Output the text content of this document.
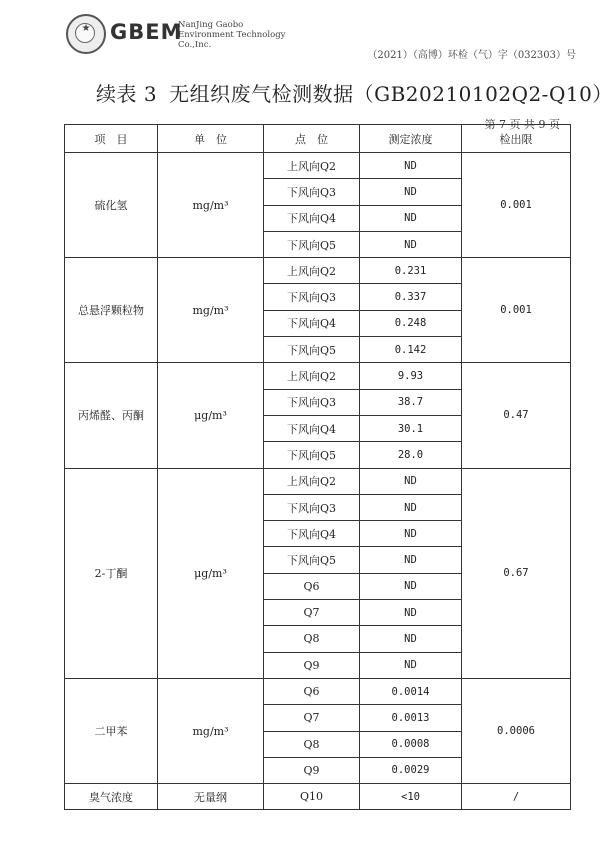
★ GBEM
NanJing Gaobo
Environment Technology
Co.,Inc.
（2021）（高博）环检（气）字（032303）号
续表 3 无组织废气检测数据（GB20210102Q2-Q10）
第 7 页 共 9 页
项　目	单　位	点　位	测定浓度	检出限
硫化氢	mg/m³	上风向Q2	ND	0.001
		下风向Q3	ND	
		下风向Q4	ND	
		下风向Q5	ND	
总悬浮颗粒物	mg/m³	上风向Q2	0.231	0.001
		下风向Q3	0.337	
		下风向Q4	0.248	
		下风向Q5	0.142	
丙烯醛、丙酮	μg/m³	上风向Q2	9.93	0.47
		下风向Q3	38.7	
		下风向Q4	30.1	
		下风向Q5	28.0	
2-丁酮	μg/m³	上风向Q2	ND	0.67
		下风向Q3	ND	
		下风向Q4	ND	
		下风向Q5	ND	
		Q6	ND	
		Q7	ND	
		Q8	ND	
		Q9	ND	
二甲苯	mg/m³	Q6	0.0014	0.0006
		Q7	0.0013	
		Q8	0.0008	
		Q9	0.0029	
臭气浓度	无量纲	Q10	<10	/
